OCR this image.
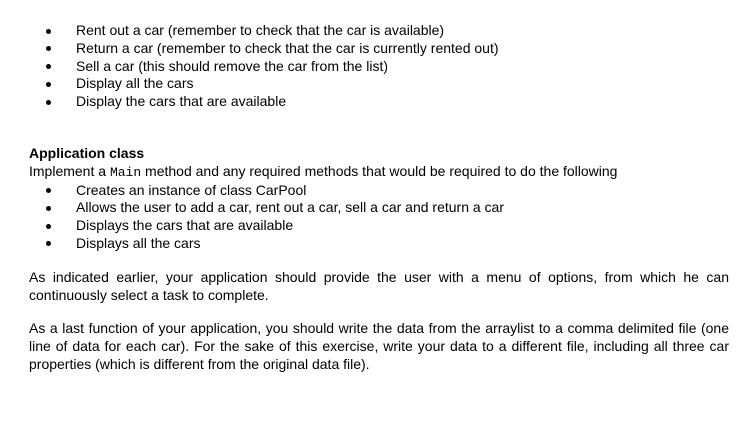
Rent out a car (remember to check that the car is available)
Return a car (remember to check that the car is currently rented out)
Sell a car (this should remove the car from the list)
Display all the cars
Display the cars that are available
Application class
Implement a Main method and any required methods that would be required to do the following
Creates an instance of class CarPool
Allows the user to add a car, rent out a car, sell a car and return a car
Displays the cars that are available
Displays all the cars

As indicated earlier, your application should provide the user with a menu of options, from which he can continuously select a task to complete.

As a last function of your application, you should write the data from the arraylist to a comma delimited file (one line of data for each car). For the sake of this exercise, write your data to a different file, including all three car properties (which is different from the original data file).
